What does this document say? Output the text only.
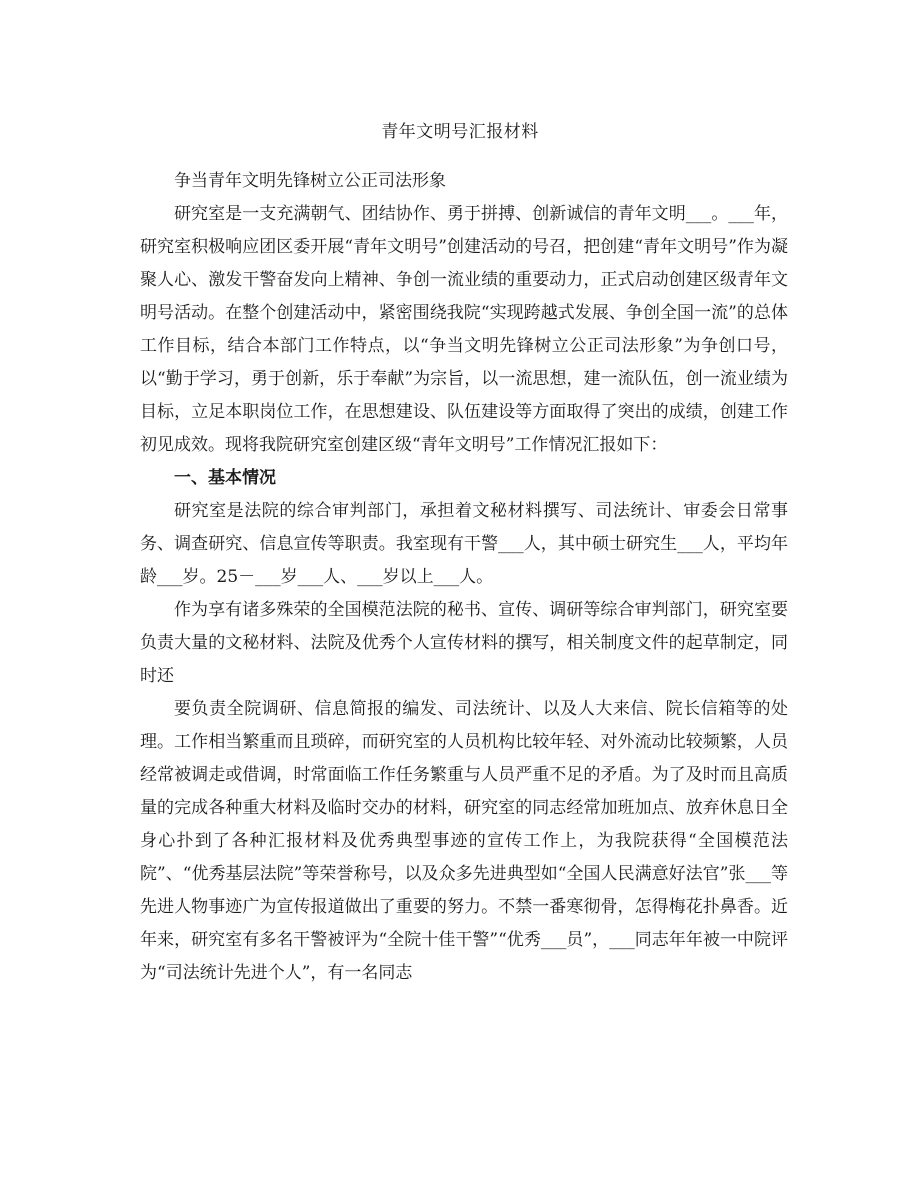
青年文明号汇报材料

争当青年文明先锋树立公正司法形象

研究室是一支充满朝气、团结协作、勇于拼搏、创新诚信的青年文明___。___年，研究室积极响应团区委开展“青年文明号”创建活动的号召，把创建“青年文明号”作为凝聚人心、激发干警奋发向上精神、争创一流业绩的重要动力，正式启动创建区级青年文明号活动。在整个创建活动中，紧密围绕我院“实现跨越式发展、争创全国一流”的总体工作目标，结合本部门工作特点，以“争当文明先锋树立公正司法形象”为争创口号，以“勤于学习，勇于创新，乐于奉献”为宗旨，以一流思想，建一流队伍，创一流业绩为目标，立足本职岗位工作，在思想建设、队伍建设等方面取得了突出的成绩，创建工作初见成效。现将我院研究室创建区级“青年文明号”工作情况汇报如下：

一、基本情况

研究室是法院的综合审判部门，承担着文秘材料撰写、司法统计、审委会日常事务、调查研究、信息宣传等职责。我室现有干警___人，其中硕士研究生___人，平均年龄___岁。25－___岁___人、___岁以上___人。

作为享有诸多殊荣的全国模范法院的秘书、宣传、调研等综合审判部门，研究室要负责大量的文秘材料、法院及优秀个人宣传材料的撰写，相关制度文件的起草制定，同时还

要负责全院调研、信息简报的编发、司法统计、以及人大来信、院长信箱等的处理。工作相当繁重而且琐碎，而研究室的人员机构比较年轻、对外流动比较频繁，人员经常被调走或借调，时常面临工作任务繁重与人员严重不足的矛盾。为了及时而且高质量的完成各种重大材料及临时交办的材料，研究室的同志经常加班加点、放弃休息日全身心扑到了各种汇报材料及优秀典型事迹的宣传工作上，为我院获得“全国模范法院”、“优秀基层法院”等荣誉称号，以及众多先进典型如“全国人民满意好法官”张___等先进人物事迹广为宣传报道做出了重要的努力。不禁一番寒彻骨，怎得梅花扑鼻香。近年来，研究室有多名干警被评为“全院十佳干警”“优秀___员”，___同志年年被一中院评为“司法统计先进个人”，有一名同志
